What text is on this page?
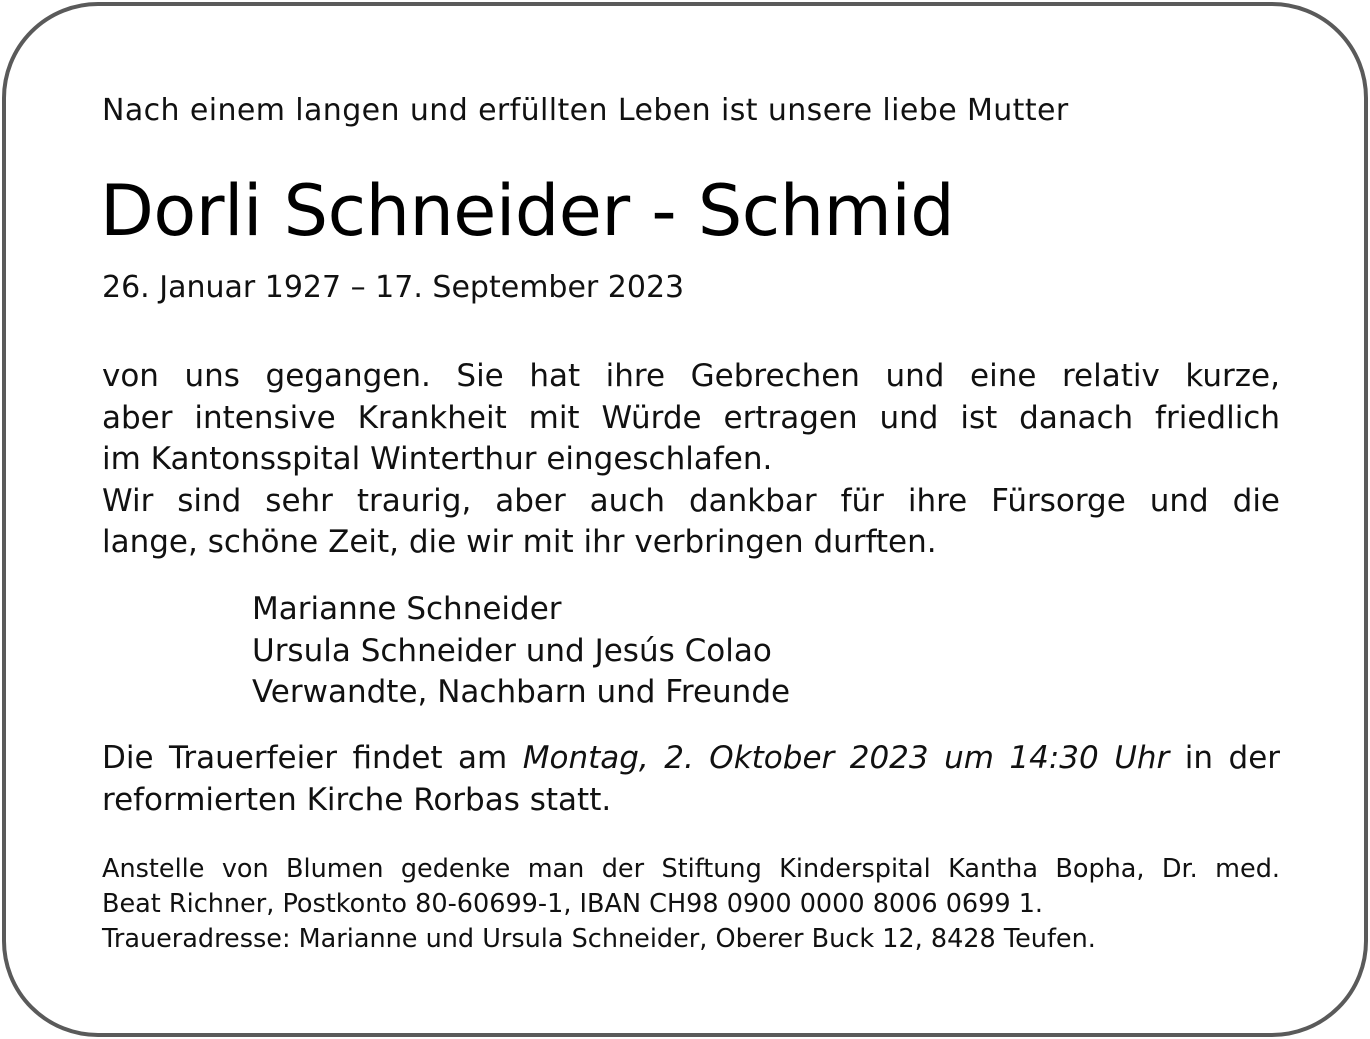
Nach einem langen und erfüllten Leben ist unsere liebe Mutter
Dorli Schneider - Schmid
26. Januar 1927 – 17. September 2023
von uns gegangen. Sie hat ihre Gebrechen und eine relativ kurze,
aber intensive Krankheit mit Würde ertragen und ist danach friedlich
im Kantonsspital Winterthur eingeschlafen.
Wir sind sehr traurig, aber auch dankbar für ihre Fürsorge und die
lange, schöne Zeit, die wir mit ihr verbringen durften.
Marianne Schneider
Ursula Schneider und Jesús Colao
Verwandte, Nachbarn und Freunde
Die Trauerfeier findet am Montag, 2. Oktober 2023 um 14:30 Uhr in der
reformierten Kirche Rorbas statt.
Anstelle von Blumen gedenke man der Stiftung Kinderspital Kantha Bopha, Dr. med.
Beat Richner, Postkonto 80-60699-1, IBAN CH98 0900 0000 8006 0699 1.
Traueradresse: Marianne und Ursula Schneider, Oberer Buck 12, 8428 Teufen.
